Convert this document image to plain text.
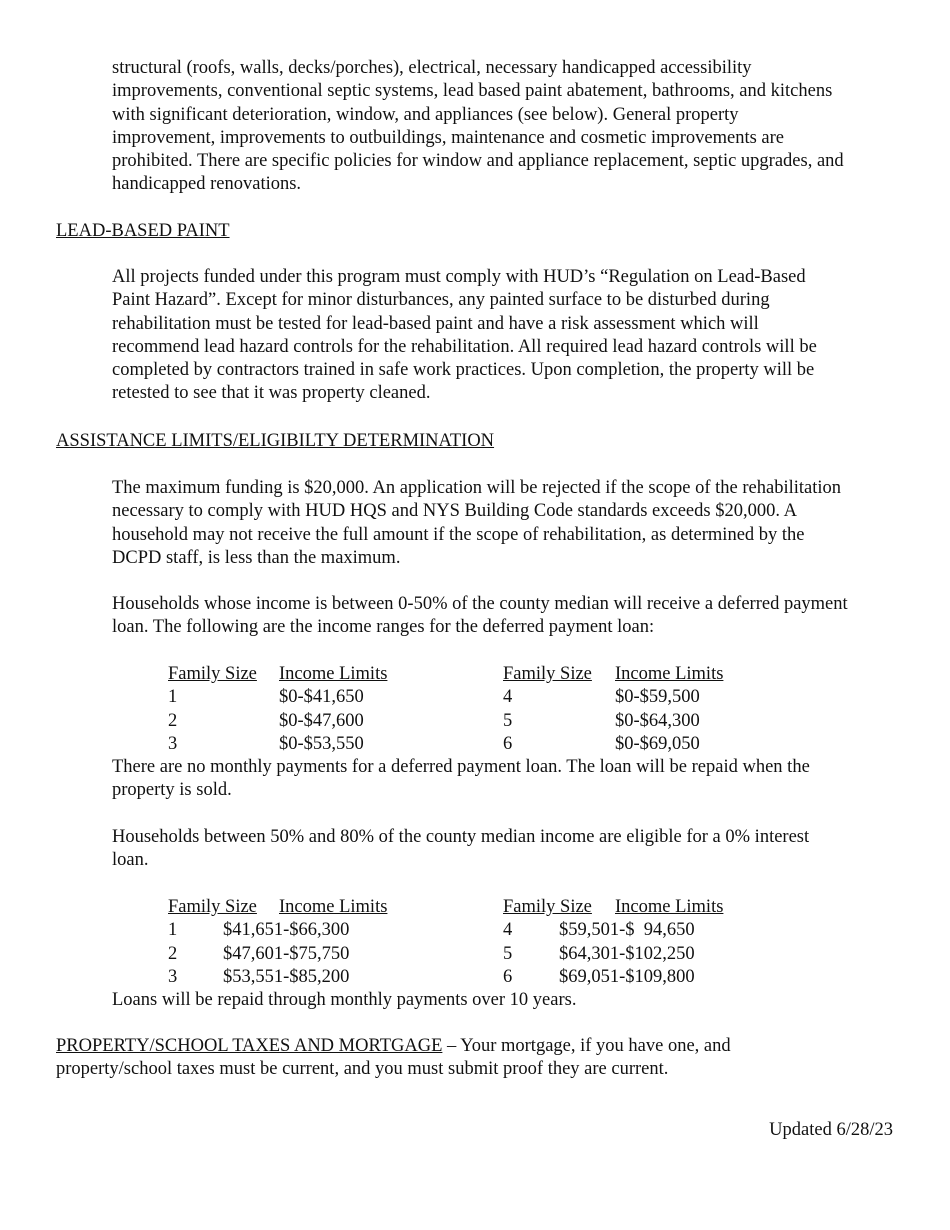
structural (roofs, walls, decks/porches), electrical, necessary handicapped accessibility
improvements, conventional septic systems, lead based paint abatement, bathrooms, and kitchens
with significant deterioration, window, and appliances (see below). General property
improvement, improvements to outbuildings, maintenance and cosmetic improvements are
prohibited. There are specific policies for window and appliance replacement, septic upgrades, and
handicapped renovations.
LEAD-BASED PAINT
All projects funded under this program must comply with HUD’s “Regulation on Lead-Based
Paint Hazard”. Except for minor disturbances, any painted surface to be disturbed during
rehabilitation must be tested for lead-based paint and have a risk assessment which will
recommend lead hazard controls for the rehabilitation. All required lead hazard controls will be
completed by contractors trained in safe work practices. Upon completion, the property will be
retested to see that it was property cleaned.
ASSISTANCE LIMITS/ELIGIBILTY DETERMINATION
The maximum funding is $20,000. An application will be rejected if the scope of the rehabilitation
necessary to comply with HUD HQS and NYS Building Code standards exceeds $20,000. A
household may not receive the full amount if the scope of rehabilitation, as determined by the
DCPD staff, is less than the maximum.
Households whose income is between 0-50% of the county median will receive a deferred payment
loan. The following are the income ranges for the deferred payment loan:
Family Size Income Limits	Family Size Income Limits
1	$0-$41,650	4	$0-$59,500
2	$0-$47,600	5	$0-$64,300
3	$0-$53,550	6	$0-$69,050
There are no monthly payments for a deferred payment loan. The loan will be repaid when the
property is sold.
Households between 50% and 80% of the county median income are eligible for a 0% interest
loan.
Family Size Income Limits	Family Size Income Limits
1 $41,651-$66,300	4	$59,501-$  94,650
2 $47,601-$75,750	5	$64,301-$102,250
3 $53,551-$85,200	6	$69,051-$109,800
Loans will be repaid through monthly payments over 10 years.
PROPERTY/SCHOOL TAXES AND MORTGAGE – Your mortgage, if you have one, and
property/school taxes must be current, and you must submit proof they are current.
Updated 6/28/23
